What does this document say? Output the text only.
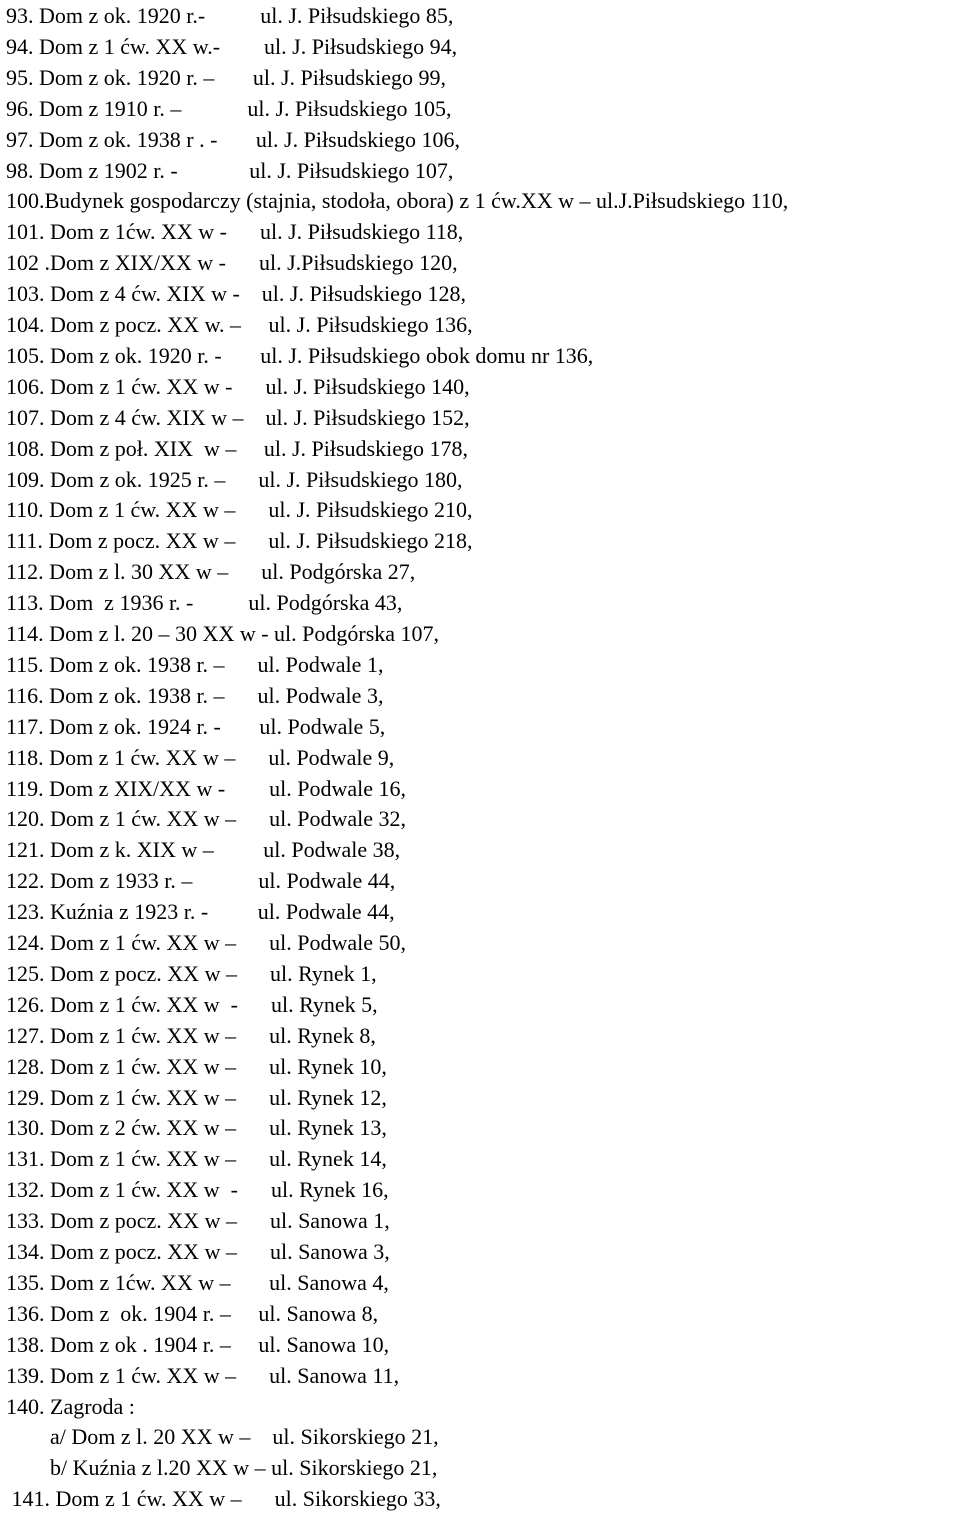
93. Dom z ok. 1920 r.-          ul. J. Piłsudskiego 85,

94. Dom z 1 ćw. XX w.-        ul. J. Piłsudskiego 94,

95. Dom z ok. 1920 r. –       ul. J. Piłsudskiego 99,

96. Dom z 1910 r. –            ul. J. Piłsudskiego 105,

97. Dom z ok. 1938 r . -       ul. J. Piłsudskiego 106,

98. Dom z 1902 r. -             ul. J. Piłsudskiego 107,

100.Budynek gospodarczy (stajnia, stodoła, obora) z 1 ćw.XX w – ul.J.Piłsudskiego 110,

101. Dom z 1ćw. XX w -      ul. J. Piłsudskiego 118,

102 .Dom z XIX/XX w -      ul. J.Piłsudskiego 120,

103. Dom z 4 ćw. XIX w -    ul. J. Piłsudskiego 128,

104. Dom z pocz. XX w. –     ul. J. Piłsudskiego 136,

105. Dom z ok. 1920 r. -       ul. J. Piłsudskiego obok domu nr 136,

106. Dom z 1 ćw. XX w -      ul. J. Piłsudskiego 140,

107. Dom z 4 ćw. XIX w –    ul. J. Piłsudskiego 152,

108. Dom z poł. XIX  w –     ul. J. Piłsudskiego 178,

109. Dom z ok. 1925 r. –      ul. J. Piłsudskiego 180,

110. Dom z 1 ćw. XX w –      ul. J. Piłsudskiego 210,

111. Dom z pocz. XX w –      ul. J. Piłsudskiego 218,

112. Dom z l. 30 XX w –      ul. Podgórska 27,

113. Dom  z 1936 r. -          ul. Podgórska 43,

114. Dom z l. 20 – 30 XX w - ul. Podgórska 107,

115. Dom z ok. 1938 r. –      ul. Podwale 1,

116. Dom z ok. 1938 r. –      ul. Podwale 3,

117. Dom z ok. 1924 r. -       ul. Podwale 5,

118. Dom z 1 ćw. XX w –      ul. Podwale 9,

119. Dom z XIX/XX w -        ul. Podwale 16,

120. Dom z 1 ćw. XX w –      ul. Podwale 32,

121. Dom z k. XIX w –         ul. Podwale 38,

122. Dom z 1933 r. –            ul. Podwale 44,

123. Kuźnia z 1923 r. -         ul. Podwale 44,

124. Dom z 1 ćw. XX w –      ul. Podwale 50,

125. Dom z pocz. XX w –      ul. Rynek 1,

126. Dom z 1 ćw. XX w  -      ul. Rynek 5,

127. Dom z 1 ćw. XX w –      ul. Rynek 8,

128. Dom z 1 ćw. XX w –      ul. Rynek 10,

129. Dom z 1 ćw. XX w –      ul. Rynek 12,

130. Dom z 2 ćw. XX w –      ul. Rynek 13,

131. Dom z 1 ćw. XX w –      ul. Rynek 14,

132. Dom z 1 ćw. XX w  -      ul. Rynek 16,

133. Dom z pocz. XX w –      ul. Sanowa 1,

134. Dom z pocz. XX w –      ul. Sanowa 3,

135. Dom z 1ćw. XX w –       ul. Sanowa 4,

136. Dom z  ok. 1904 r. –     ul. Sanowa 8,

138. Dom z ok . 1904 r. –     ul. Sanowa 10,

139. Dom z 1 ćw. XX w –      ul. Sanowa 11,

140. Zagroda :

a/ Dom z l. 20 XX w –    ul. Sikorskiego 21,

b/ Kuźnia z l.20 XX w – ul. Sikorskiego 21,

141. Dom z 1 ćw. XX w –      ul. Sikorskiego 33,
